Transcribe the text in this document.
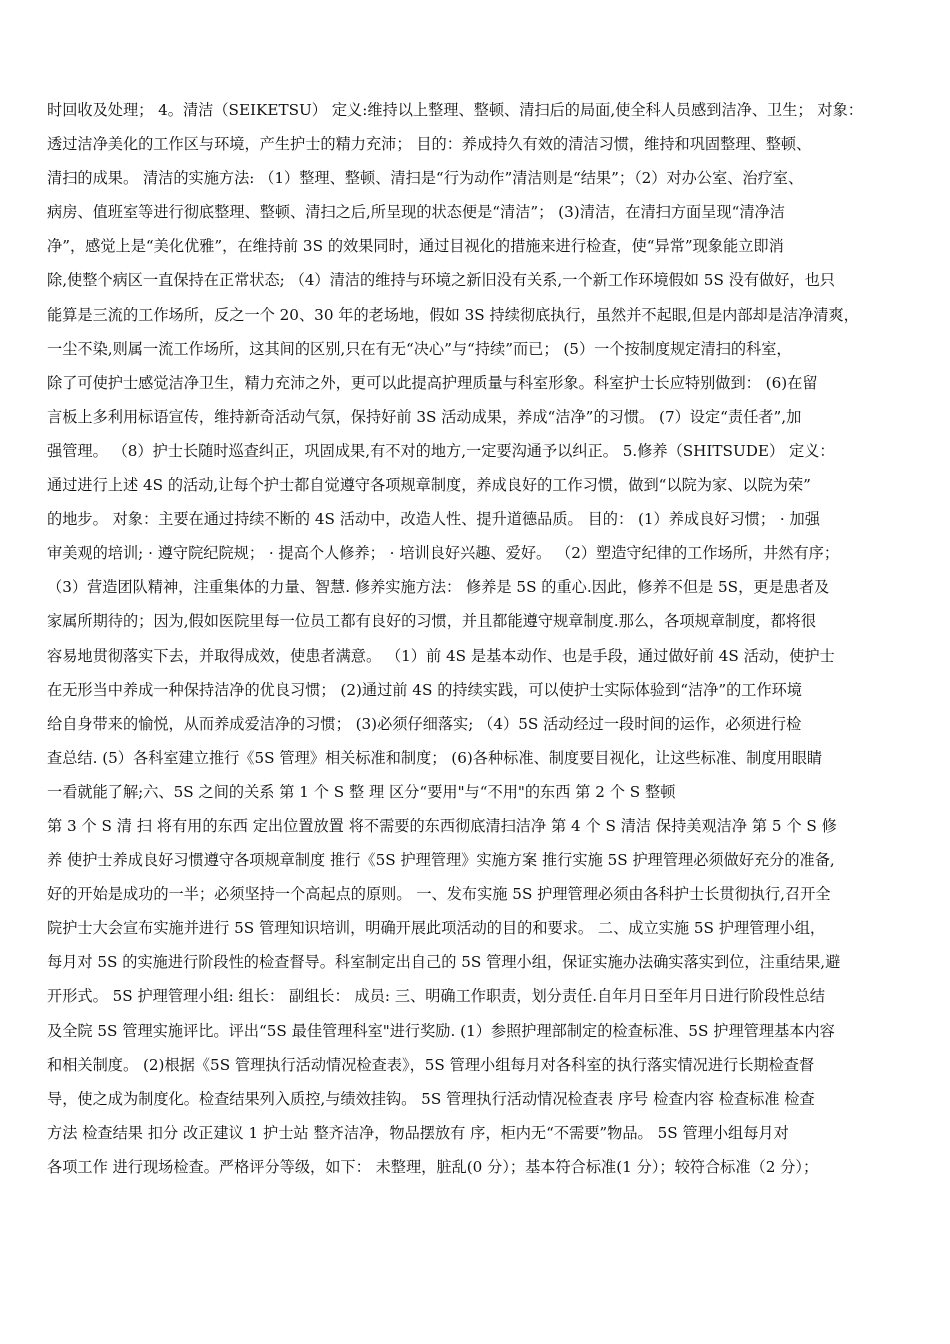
时回收及处理； 4。清洁（SEIKETSU） 定义:维持以上整理、整顿、清扫后的局面,使全科人员感到洁净、卫生； 对象：
透过洁净美化的工作区与环境，产生护士的精力充沛； 目的：养成持久有效的清洁习惯，维持和巩固整理、整顿、
清扫的成果。 清洁的实施方法: （1）整理、整顿、清扫是“行为动作”清洁则是“结果”；（2）对办公室、治疗室、
病房、值班室等进行彻底整理、整顿、清扫之后,所呈现的状态便是“清洁”； (3)清洁，在清扫方面呈现“清净洁
净”，感觉上是“美化优雅”，在维持前 3S 的效果同时，通过目视化的措施来进行检查，使“异常”现象能立即消
除,使整个病区一直保持在正常状态; （4）清洁的维持与环境之新旧没有关系,一个新工作环境假如 5S 没有做好，也只
能算是三流的工作场所，反之一个 20、30 年的老场地，假如 3S 持续彻底执行，虽然并不起眼,但是内部却是洁净清爽，
一尘不染,则属一流工作场所，这其间的区别,只在有无“决心”与“持续”而已； (5）一个按制度规定清扫的科室，
除了可使护士感觉洁净卫生，精力充沛之外，更可以此提高护理质量与科室形象。科室护士长应特别做到： (6)在留
言板上多利用标语宣传，维持新奇活动气氛，保持好前 3S 活动成果，养成“洁净”的习惯。 (7）设定“责任者”,加
强管理。 （8）护士长随时巡查纠正，巩固成果,有不对的地方,一定要沟通予以纠正。 5.修养（SHITSUDE） 定义：
通过进行上述 4S 的活动,让每个护士都自觉遵守各项规章制度，养成良好的工作习惯，做到“以院为家、以院为荣”
的地步。 对象：主要在通过持续不断的 4S 活动中，改造人性、提升道德品质。 目的： (1）养成良好习惯； · 加强
审美观的培训; · 遵守院纪院规； · 提高个人修养； · 培训良好兴趣、爱好。 （2）塑造守纪律的工作场所，井然有序；
（3）营造团队精神，注重集体的力量、智慧. 修养实施方法： 修养是 5S 的重心.因此，修养不但是 5S，更是患者及
家属所期待的；因为,假如医院里每一位员工都有良好的习惯，并且都能遵守规章制度.那么，各项规章制度，都将很
容易地贯彻落实下去，并取得成效，使患者满意。 （1）前 4S 是基本动作、也是手段，通过做好前 4S 活动，使护士
在无形当中养成一种保持洁净的优良习惯； (2)通过前 4S 的持续实践，可以使护士实际体验到“洁净”的工作环境
给自身带来的愉悦，从而养成爱洁净的习惯； (3)必须仔细落实; （4）5S 活动经过一段时间的运作，必须进行检
查总结. (5）各科室建立推行《5S 管理》相关标准和制度； (6)各种标准、制度要目视化，让这些标准、制度用眼睛
一看就能了解;六、5S 之间的关系 第 1 个 S 整 理 区分“要用"与“不用"的东西 第 2 个 S 整顿
第 3 个 S 清 扫 将有用的东西 定出位置放置 将不需要的东西彻底清扫洁净 第 4 个 S 清洁 保持美观洁净 第 5 个 S 修
养 使护士养成良好习惯遵守各项规章制度 推行《5S 护理管理》实施方案 推行实施 5S 护理管理必须做好充分的准备,
好的开始是成功的一半；必须坚持一个高起点的原则。 一、发布实施 5S 护理管理必须由各科护士长贯彻执行,召开全
院护士大会宣布实施并进行 5S 管理知识培训，明确开展此项活动的目的和要求。 二、成立实施 5S 护理管理小组，
每月对 5S 的实施进行阶段性的检查督导。科室制定出自己的 5S 管理小组，保证实施办法确实落实到位，注重结果,避
开形式。 5S 护理管理小组: 组长： 副组长： 成员: 三、明确工作职责，划分责任.自年月日至年月日进行阶段性总结
及全院 5S 管理实施评比。评出“5S 最佳管理科室"进行奖励. (1）参照护理部制定的检查标准、5S 护理管理基本内容
和相关制度。 (2)根据《5S 管理执行活动情况检查表》，5S 管理小组每月对各科室的执行落实情况进行长期检查督
导，使之成为制度化。检查结果列入质控,与绩效挂钩。 5S 管理执行活动情况检查表 序号 检查内容 检查标准 检查
方法 检查结果 扣分 改正建议 1 护士站 整齐洁净，物品摆放有 序，柜内无“不需要”物品。 5S 管理小组每月对
各项工作 进行现场检查。严格评分等级，如下： 未整理，脏乱(0 分）；基本符合标准(1 分）；较符合标准（2 分）；
